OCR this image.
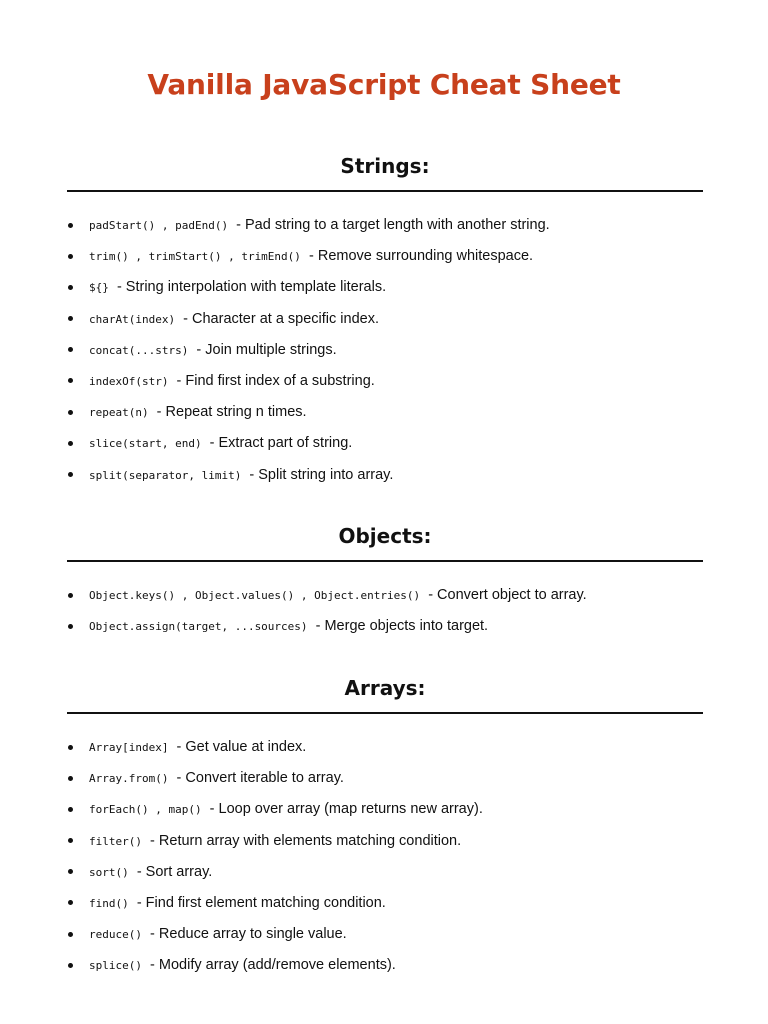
Vanilla JavaScript Cheat Sheet
Strings:
padStart() , padEnd() - Pad string to a target length with another string.
trim() , trimStart() , trimEnd() - Remove surrounding whitespace.
${} - String interpolation with template literals.
charAt(index) - Character at a specific index.
concat(...strs) - Join multiple strings.
indexOf(str) - Find first index of a substring.
repeat(n) - Repeat string n times.
slice(start, end) - Extract part of string.
split(separator, limit) - Split string into array.
Objects:
Object.keys() , Object.values() , Object.entries() - Convert object to array.
Object.assign(target, ...sources) - Merge objects into target.
Arrays:
Array[index] - Get value at index.
Array.from() - Convert iterable to array.
forEach() , map() - Loop over array (map returns new array).
filter() - Return array with elements matching condition.
sort() - Sort array.
find() - Find first element matching condition.
reduce() - Reduce array to single value.
splice() - Modify array (add/remove elements).
